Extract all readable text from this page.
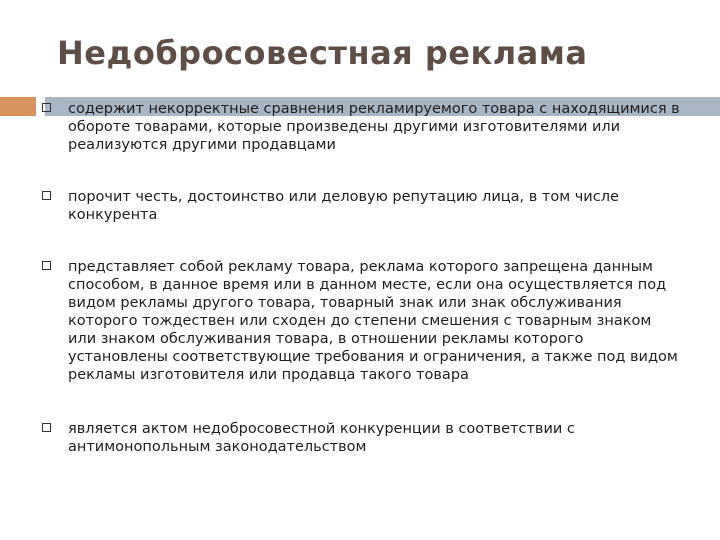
Недобросовестная реклама
содержит некорректные сравнения рекламируемого товара с находящимися в обороте товарами, которые произведены другими изготовителями или реализуются другими продавцами
порочит честь, достоинство или деловую репутацию лица, в том числе конкурента
представляет собой рекламу товара, реклама которого запрещена данным способом, в данное время или в данном месте, если она осуществляется под видом рекламы другого товара, товарный знак или знак обслуживания которого тождествен или сходен до степени смешения с товарным знаком или знаком обслуживания товара, в отношении рекламы которого установлены соответствующие требования и ограничения, а также под видом рекламы изготовителя или продавца такого товара
является актом недобросовестной конкуренции в соответствии с антимонопольным законодательством
